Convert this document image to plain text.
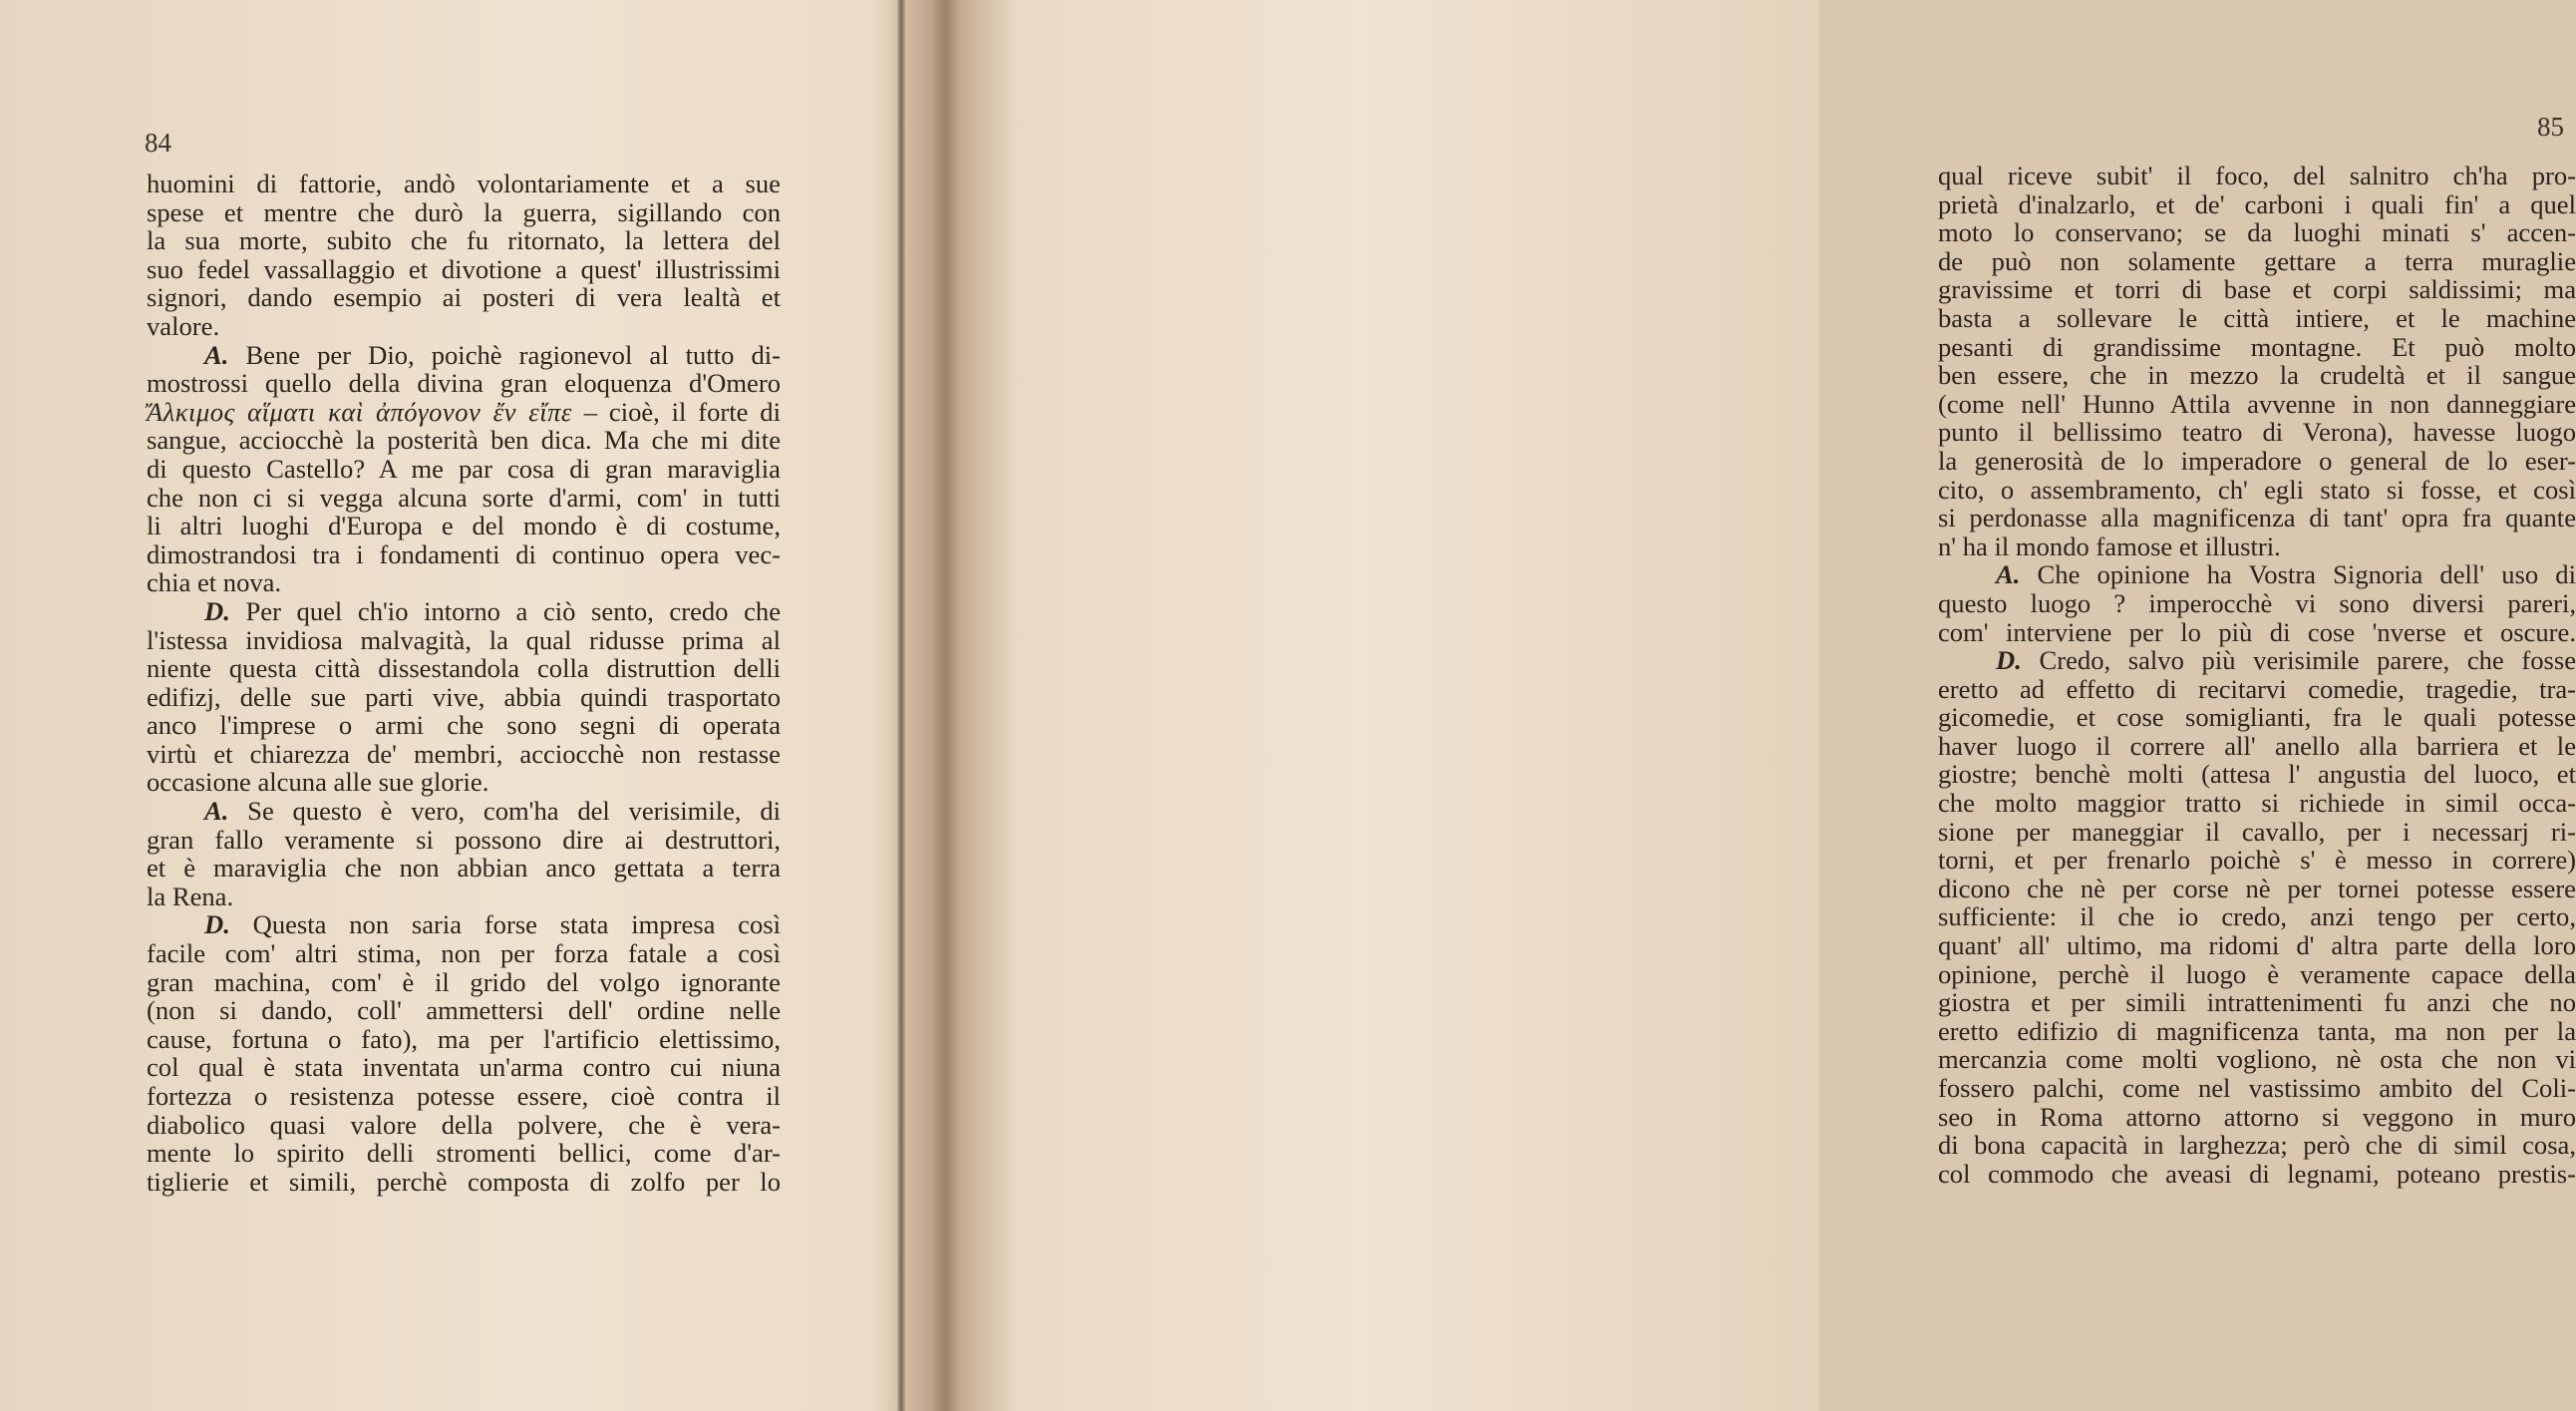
84
huomini di fattorie, andò volontariamente et a sue
spese et mentre che durò la guerra, sigillando con
la sua morte, subito che fu ritornato, la lettera del
suo fedel vassallaggio et divotione a quest' illustrissimi
signori, dando esempio ai posteri di vera lealtà et
valore.
A. Bene per Dio, poichè ragionevol al tutto di-
mostrossi quello della divina gran eloquenza d'Omero
Ἄλκιμος αἵματι καὶ ἀπόγονον ἔν εἴπε – cioè, il forte di
sangue, acciocchè la posterità ben dica. Ma che mi dite
di questo Castello? A me par cosa di gran maraviglia
che non ci si vegga alcuna sorte d'armi, com' in tutti
li altri luoghi d'Europa e del mondo è di costume,
dimostrandosi tra i fondamenti di continuo opera vec-
chia et nova.
D. Per quel ch'io intorno a ciò sento, credo che
l'istessa invidiosa malvagità, la qual ridusse prima al
niente questa città dissestandola colla distruttion delli
edifizj, delle sue parti vive, abbia quindi trasportato
anco l'imprese o armi che sono segni di operata
virtù et chiarezza de' membri, acciocchè non restasse
occasione alcuna alle sue glorie.
A. Se questo è vero, com'ha del verisimile, di
gran fallo veramente si possono dire ai destruttori,
et è maraviglia che non abbian anco gettata a terra
la Rena.
D. Questa non saria forse stata impresa così
facile com' altri stima, non per forza fatale a così
gran machina, com' è il grido del volgo ignorante
(non si dando, coll' ammettersi dell' ordine nelle
cause, fortuna o fato), ma per l'artificio elettissimo,
col qual è stata inventata un'arma contro cui niuna
fortezza o resistenza potesse essere, cioè contra il
diabolico quasi valore della polvere, che è vera-
mente lo spirito delli stromenti bellici, come d'ar-
tiglierie et simili, perchè composta di zolfo per lo
85
qual riceve subit' il foco, del salnitro ch'ha pro-
prietà d'inalzarlo, et de' carboni i quali fin' a quel
moto lo conservano; se da luoghi minati s' accen-
de può non solamente gettare a terra muraglie
gravissime et torri di base et corpi saldissimi; ma
basta a sollevare le città intiere, et le machine
pesanti di grandissime montagne. Et può molto
ben essere, che in mezzo la crudeltà et il sangue
(come nell' Hunno Attila avvenne in non danneggiare
punto il bellissimo teatro di Verona), havesse luogo
la generosità de lo imperadore o general de lo eser-
cito, o assembramento, ch' egli stato si fosse, et così
si perdonasse alla magnificenza di tant' opra fra quante
n' ha il mondo famose et illustri.
A. Che opinione ha Vostra Signoria dell' uso di
questo luogo ? imperocchè vi sono diversi pareri,
com' interviene per lo più di cose 'nverse et oscure.
D. Credo, salvo più verisimile parere, che fosse
eretto ad effetto di recitarvi comedie, tragedie, tra-
gicomedie, et cose somiglianti, fra le quali potesse
haver luogo il correre all' anello alla barriera et le
giostre; benchè molti (attesa l' angustia del luoco, et
che molto maggior tratto si richiede in simil occa-
sione per maneggiar il cavallo, per i necessarj ri-
torni, et per frenarlo poichè s' è messo in correre)
dicono che nè per corse nè per tornei potesse essere
sufficiente: il che io credo, anzi tengo per certo,
quant' all' ultimo, ma ridomi d' altra parte della loro
opinione, perchè il luogo è veramente capace della
giostra et per simili intrattenimenti fu anzi che no
eretto edifizio di magnificenza tanta, ma non per la
mercanzia come molti vogliono, nè osta che non vi
fossero palchi, come nel vastissimo ambito del Coli-
seo in Roma attorno attorno si veggono in muro
di bona capacità in larghezza; però che di simil cosa,
col commodo che aveasi di legnami, poteano prestis-
